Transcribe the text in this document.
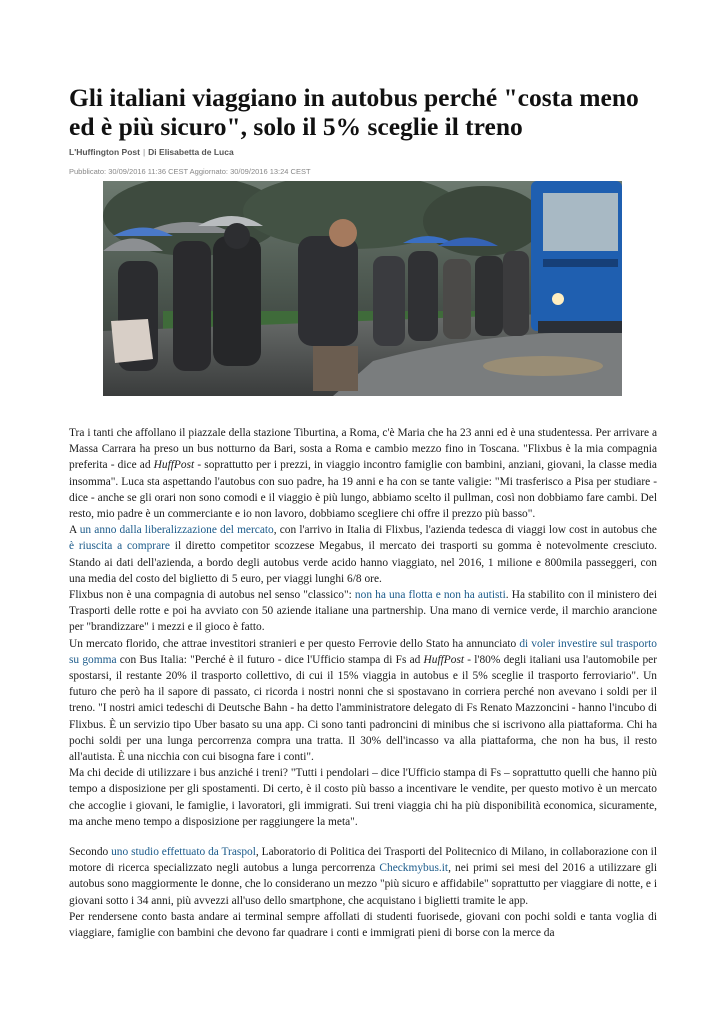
Gli italiani viaggiano in autobus perché "costa meno ed è più sicuro", solo il 5% sceglie il treno
L'Huffington Post | Di Elisabetta de Luca
Pubblicato: 30/09/2016 11:36 CEST Aggiornato: 30/09/2016 13:24 CEST

Tra i tanti che affollano il piazzale della stazione Tiburtina, a Roma, c'è Maria che ha 23 anni ed è una studentessa. Per arrivare a Massa Carrara ha preso un bus notturno da Bari, sosta a Roma e cambio mezzo fino in Toscana. "Flixbus è la mia compagnia preferita - dice ad HuffPost - soprattutto per i prezzi, in viaggio incontro famiglie con bambini, anziani, giovani, la classe media insomma". Luca sta aspettando l'autobus con suo padre, ha 19 anni e ha con se tante valigie: "Mi trasferisco a Pisa per studiare - dice - anche se gli orari non sono comodi e il viaggio è più lungo, abbiamo scelto il pullman, così non dobbiamo fare cambi. Del resto, mio padre è un commerciante e io non lavoro, dobbiamo scegliere chi offre il prezzo più basso".

A un anno dalla liberalizzazione del mercato, con l'arrivo in Italia di Flixbus, l'azienda tedesca di viaggi low cost in autobus che è riuscita a comprare il diretto competitor scozzese Megabus, il mercato dei trasporti su gomma è notevolmente cresciuto. Stando ai dati dell'azienda, a bordo degli autobus verde acido hanno viaggiato, nel 2016, 1 milione e 800mila passeggeri, con una media del costo del biglietto di 5 euro, per viaggi lunghi 6/8 ore.

Flixbus non è una compagnia di autobus nel senso "classico": non ha una flotta e non ha autisti. Ha stabilito con il ministero dei Trasporti delle rotte e poi ha avviato con 50 aziende italiane una partnership. Una mano di vernice verde, il marchio arancione per "brandizzare" i mezzi e il gioco è fatto.

Un mercato florido, che attrae investitori stranieri e per questo Ferrovie dello Stato ha annunciato di voler investire sul trasporto su gomma con Bus Italia: "Perché è il futuro - dice l'Ufficio stampa di Fs ad HuffPost - l'80% degli italiani usa l'automobile per spostarsi, il restante 20% il trasporto collettivo, di cui il 15% viaggia in autobus e il 5% sceglie il trasporto ferroviario". Un futuro che però ha il sapore di passato, ci ricorda i nostri nonni che si spostavano in corriera perché non avevano i soldi per il treno. "I nostri amici tedeschi di Deutsche Bahn - ha detto l'amministratore delegato di Fs Renato Mazzoncini - hanno l'incubo di Flixbus. È un servizio tipo Uber basato su una app. Ci sono tanti padroncini di minibus che si iscrivono alla piattaforma. Chi ha pochi soldi per una lunga percorrenza compra una tratta. Il 30% dell'incasso va alla piattaforma, che non ha bus, il resto all'autista. È una nicchia con cui bisogna fare i conti".

Ma chi decide di utilizzare i bus anziché i treni? "Tutti i pendolari – dice l'Ufficio stampa di Fs – soprattutto quelli che hanno più tempo a disposizione per gli spostamenti. Di certo, è il costo più basso a incentivare le vendite, per questo motivo è un mercato che accoglie i giovani, le famiglie, i lavoratori, gli immigrati. Sui treni viaggia chi ha più disponibilità economica, sicuramente, ma anche meno tempo a disposizione per raggiungere la meta".

Secondo uno studio effettuato da Traspol, Laboratorio di Politica dei Trasporti del Politecnico di Milano, in collaborazione con il motore di ricerca specializzato negli autobus a lunga percorrenza Checkmybus.it, nei primi sei mesi del 2016 a utilizzare gli autobus sono maggiormente le donne, che lo considerano un mezzo "più sicuro e affidabile" soprattutto per viaggiare di notte, e i giovani sotto i 34 anni, più avvezzi all'uso dello smartphone, che acquistano i biglietti tramite le app.

Per rendersene conto basta andare ai terminal sempre affollati di studenti fuorisede, giovani con pochi soldi e tanta voglia di viaggiare, famiglie con bambini che devono far quadrare i conti e immigrati pieni di borse con la merce da
